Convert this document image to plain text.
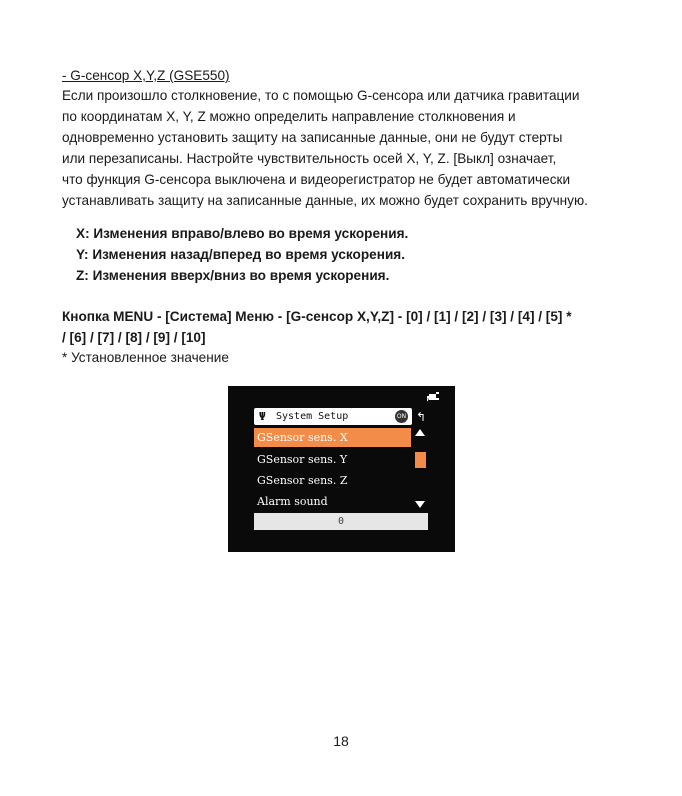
- G-сенсор X,Y,Z (GSE550)
Если произошло столкновение, то с помощью G-сенсора или датчика гравитации
по координатам X, Y, Z можно определить направление столкновения и
одновременно установить защиту на записанные данные, они не будут стерты
или перезаписаны. Настройте чувствительность осей X, Y, Z. [Выкл] означает,
что функция G-сенсора выключена и видеорегистратор не будет автоматически
устанавливать защиту на записанные данные, их можно будет сохранить вручную.
X: Изменения вправо/влево во время ускорения.
Y: Изменения назад/вперед во время ускорения.
Z: Изменения вверх/вниз во время ускорения.
Кнопка MENU - [Система] Меню - [G-сенсор X,Y,Z] - [0] / [1] / [2] / [3] / [4] / [5] *
/ [6] / [7] / [8] / [9] / [10]
* Установленное значение
Ψ System Setup	ON ↰
GSensor sens. X
GSensor sens. Y
GSensor sens. Z
Alarm sound
0
18
